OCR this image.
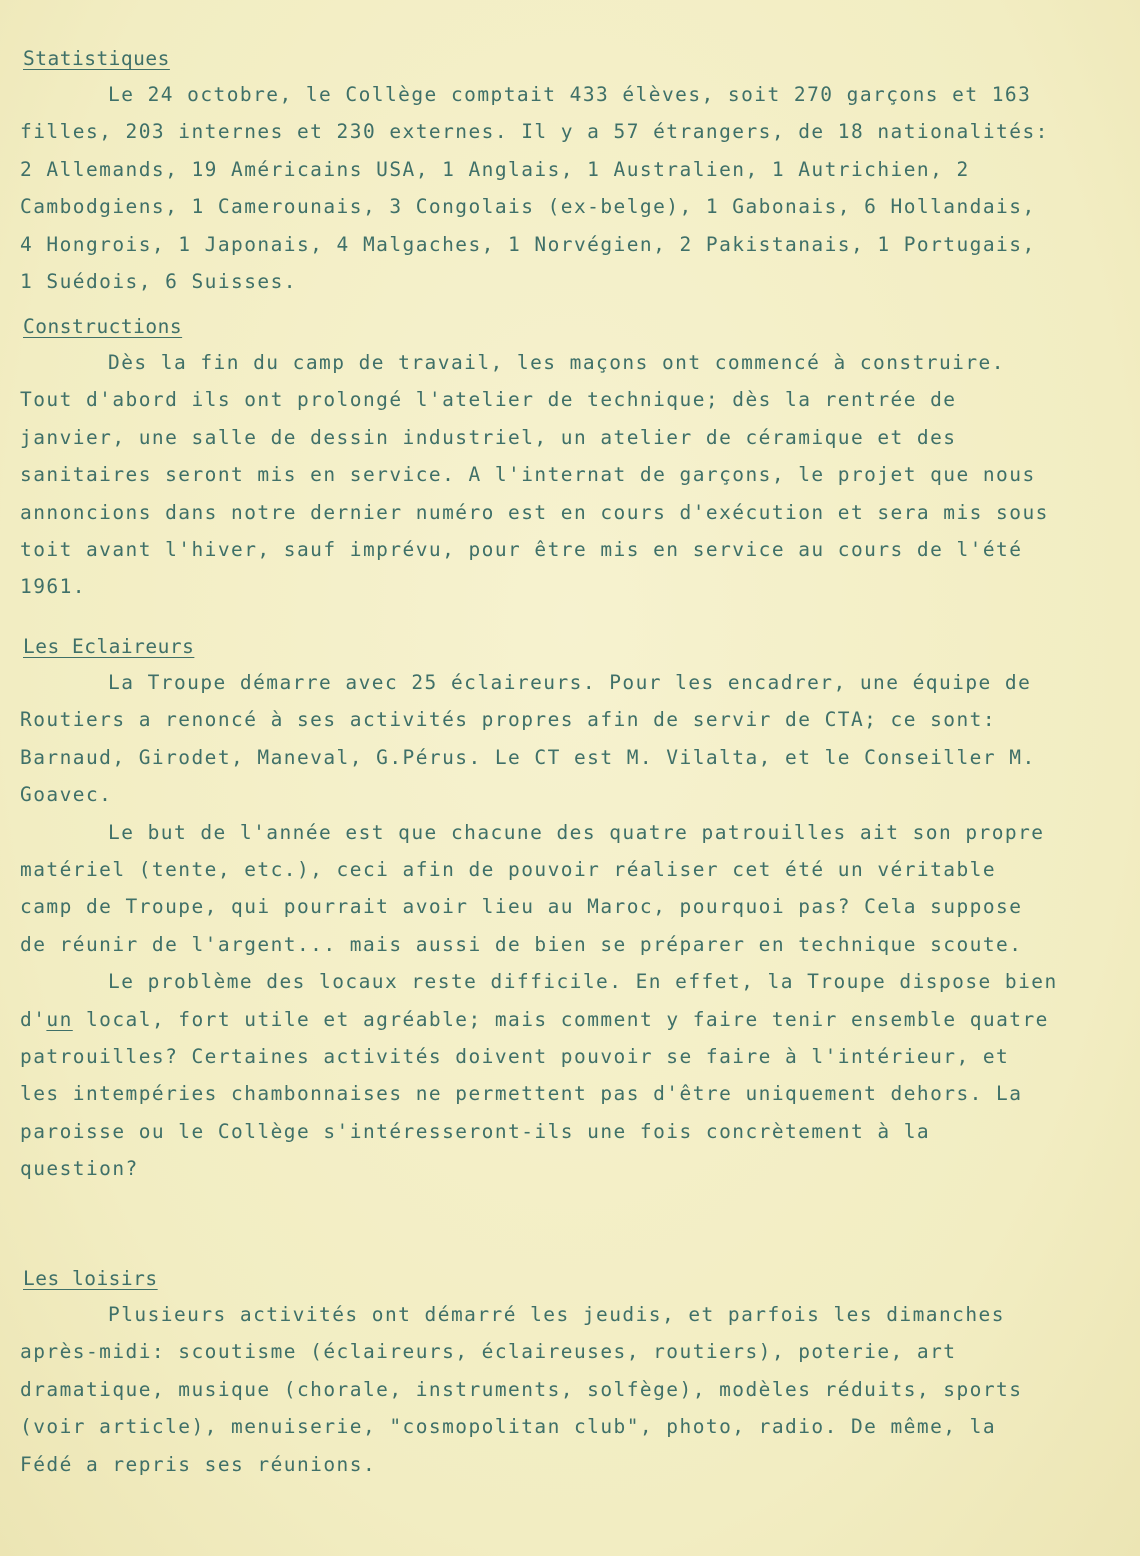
Statistiques

Le 24 octobre, le Collège comptait 433 élèves, soit 270 garçons et 163 filles, 203 internes et 230 externes. Il y a 57 étrangers, de 18 nationalités: 2 Allemands, 19 Américains USA, 1 Anglais, 1 Australien, 1 Autrichien, 2 Cambodgiens, 1 Camerounais, 3 Congolais (ex-belge), 1 Gabonais, 6 Hollandais, 4 Hongrois, 1 Japonais, 4 Malgaches, 1 Norvégien, 2 Pakistanais, 1 Portugais, 1 Suédois, 6 Suisses.

Constructions

Dès la fin du camp de travail, les maçons ont commencé à construire. Tout d'abord ils ont prolongé l'atelier de technique; dès la rentrée de janvier, une salle de dessin industriel, un atelier de céramique et des sanitaires seront mis en service. A l'internat de garçons, le projet que nous annoncions dans notre dernier numéro est en cours d'exécution et sera mis sous toit avant l'hiver, sauf imprévu, pour être mis en service au cours de l'été 1961.

Les Eclaireurs

La Troupe démarre avec 25 éclaireurs. Pour les encadrer, une équipe de Routiers a renoncé à ses activités propres afin de servir de CTA; ce sont: Barnaud, Girodet, Maneval, G.Pérus. Le CT est M. Vilalta, et le Conseiller M. Goavec.

Le but de l'année est que chacune des quatre patrouilles ait son propre matériel (tente, etc.), ceci afin de pouvoir réaliser cet été un véritable camp de Troupe, qui pourrait avoir lieu au Maroc, pourquoi pas? Cela suppose de réunir de l'argent... mais aussi de bien se préparer en technique scoute.

Le problème des locaux reste difficile. En effet, la Troupe dispose bien d'un local, fort utile et agréable; mais comment y faire tenir ensemble quatre patrouilles? Certaines activités doivent pouvoir se faire à l'intérieur, et les intempéries chambonnaises ne permettent pas d'être uniquement dehors. La paroisse ou le Collège s'intéresseront-ils une fois concrètement à la question?

Les loisirs

Plusieurs activités ont démarré les jeudis, et parfois les dimanches après-midi: scoutisme (éclaireurs, éclaireuses, routiers), poterie, art dramatique, musique (chorale, instruments, solfège), modèles réduits, sports (voir article), menuiserie, "cosmopolitan club", photo, radio. De même, la Fédé a repris ses réunions.
